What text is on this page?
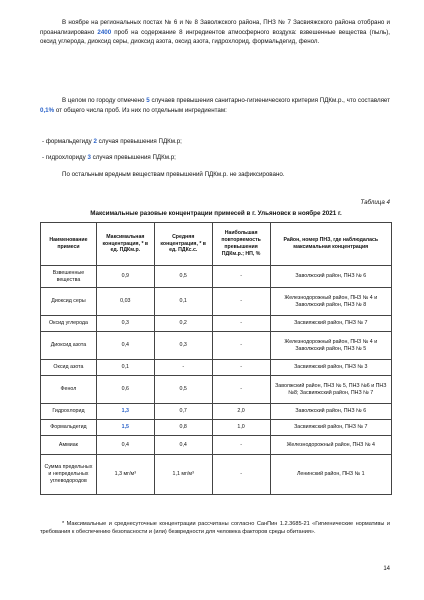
В ноябре на региональных постах № 6 и № 8 Заволжского района, ПНЗ № 7 Засвияжского района отобрано и проанализировано 2400 проб на содержание 8 ингредиентов атмосферного воздуха: взвешенные вещества (пыль), оксид углерода, диоксид серы, диоксид азота, оксид азота, гидрохлорид, формальдегид, фенол.
В целом по городу отмечено 5 случаев превышения санитарно-гигиенического критерия ПДКм.р., что составляет 0,1% от общего числа проб. Из них по отдельным ингредиентам:
- формальдегиду 2 случая превышения ПДКм.р;
- гидрохлориду 3 случая превышения ПДКм.р;
По остальным вредным веществам превышений ПДКм.р. не зафиксировано.
Таблица 4
Максимальные разовые концентрации примесей в г. Ульяновск в ноябре 2021 г.
Наименование примеси	Максимальная концентрация, * в ед. ПДКм.р.	Средняя концентрация, * в ед. ПДКс.с.	Наибольшая повторяемость превышения ПДКм.р.; НП, %	Район, номер ПНЗ, где наблюдалась максимальная концентрация
Взвешенные вещества	0,9	0,5	-	Заволжский район, ПНЗ № 6
Диоксид серы	0,03	0,1	-	Железнодорожный район, ПНЗ № 4 и Заволжский район, ПНЗ № 8
Оксид углерода	0,3	0,2	-	Засвияжский район, ПНЗ № 7
Диоксид азота	0,4	0,3	-	Железнодорожный район, ПНЗ № 4 и Заволжский район, ПНЗ № 5
Оксид азота	0,1	-	-	Засвияжский район, ПНЗ № 3
Фенол	0,6	0,5	-	Заволжский район, ПНЗ № 5, ПНЗ №6 и ПНЗ №8; Засвияжский район, ПНЗ № 7
Гидрохлорид	1,3	0,7	2,0	Заволжский район, ПНЗ № 6
Формальдегид	1,5	0,8	1,0	Засвияжский район, ПНЗ № 7
Аммиак	0,4	0,4	-	Железнодорожный район, ПНЗ № 4
Сумма предельных и непредельных углеводородов	1,3 мг/м³	1,1 мг/м³	-	Ленинский район, ПНЗ № 1
* Максимальные и среднесуточные концентрации рассчитаны согласно СанПин 1.2.3685-21 «Гигиенические нормативы и требования к обеспечению безопасности и (или) безвредности для человека факторов среды обитания».
14
